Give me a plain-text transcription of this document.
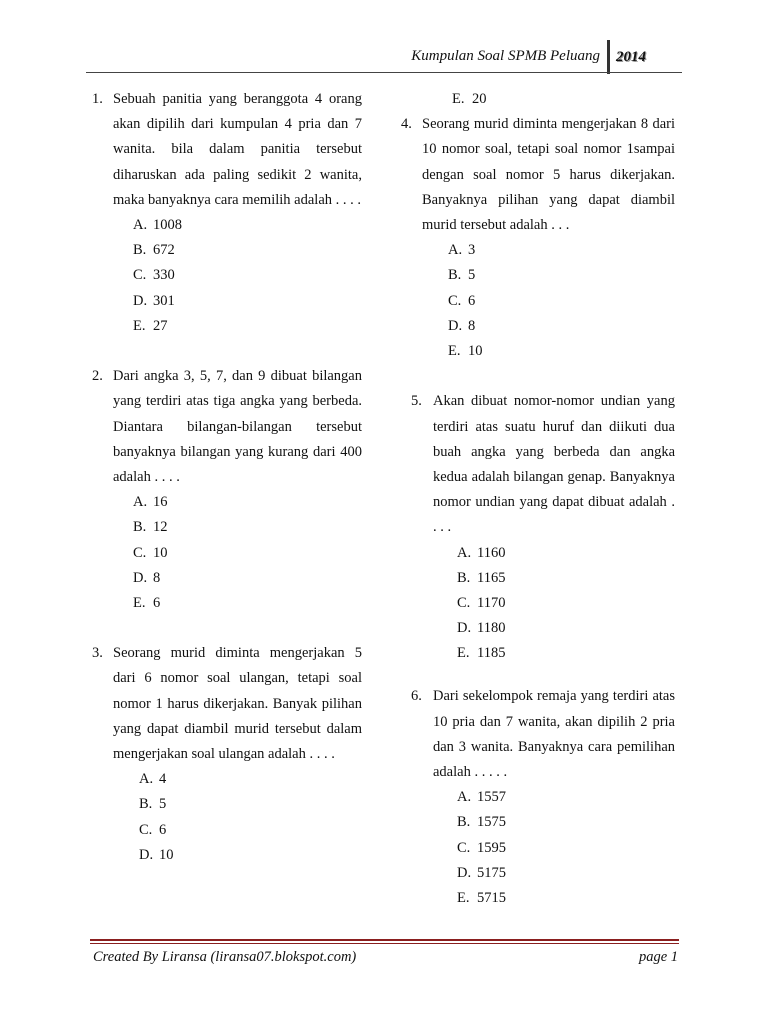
Kumpulan Soal SPMB Peluang 2014
1. Sebuah panitia yang beranggota 4 orang akan dipilih dari kumpulan 4 pria dan 7 wanita. bila dalam panitia tersebut diharuskan ada paling sedikit 2 wanita, maka banyaknya cara memilih adalah . . . .
A. 1008
B. 672
C. 330
D. 301
E. 27
2. Dari angka 3, 5, 7, dan 9 dibuat bilangan yang terdiri atas tiga angka yang berbeda. Diantara bilangan-bilangan tersebut banyaknya bilangan yang kurang dari 400 adalah . . . .
A. 16
B. 12
C. 10
D. 8
E. 6
3. Seorang murid diminta mengerjakan 5 dari 6 nomor soal ulangan, tetapi soal nomor 1 harus dikerjakan. Banyak pilihan yang dapat diambil murid tersebut dalam mengerjakan soal ulangan adalah . . . .
A. 4
B. 5
C. 6
D. 10
E. 20
4. Seorang murid diminta mengerjakan 8 dari 10 nomor soal, tetapi soal nomor 1sampai dengan soal nomor 5 harus dikerjakan. Banyaknya pilihan yang dapat diambil murid tersebut adalah . . .
A. 3
B. 5
C. 6
D. 8
E. 10
5. Akan dibuat nomor-nomor undian yang terdiri atas suatu huruf dan diikuti dua buah angka yang berbeda dan angka kedua adalah bilangan genap. Banyaknya nomor undian yang dapat dibuat adalah . . . .
A. 1160
B. 1165
C. 1170
D. 1180
E. 1185
6. Dari sekelompok remaja yang terdiri atas 10 pria dan 7 wanita, akan dipilih 2 pria dan 3 wanita. Banyaknya cara pemilihan adalah . . . . .
A. 1557
B. 1575
C. 1595
D. 5175
E. 5715
Created By Liransa (liransa07.blokspot.com)	page 1
